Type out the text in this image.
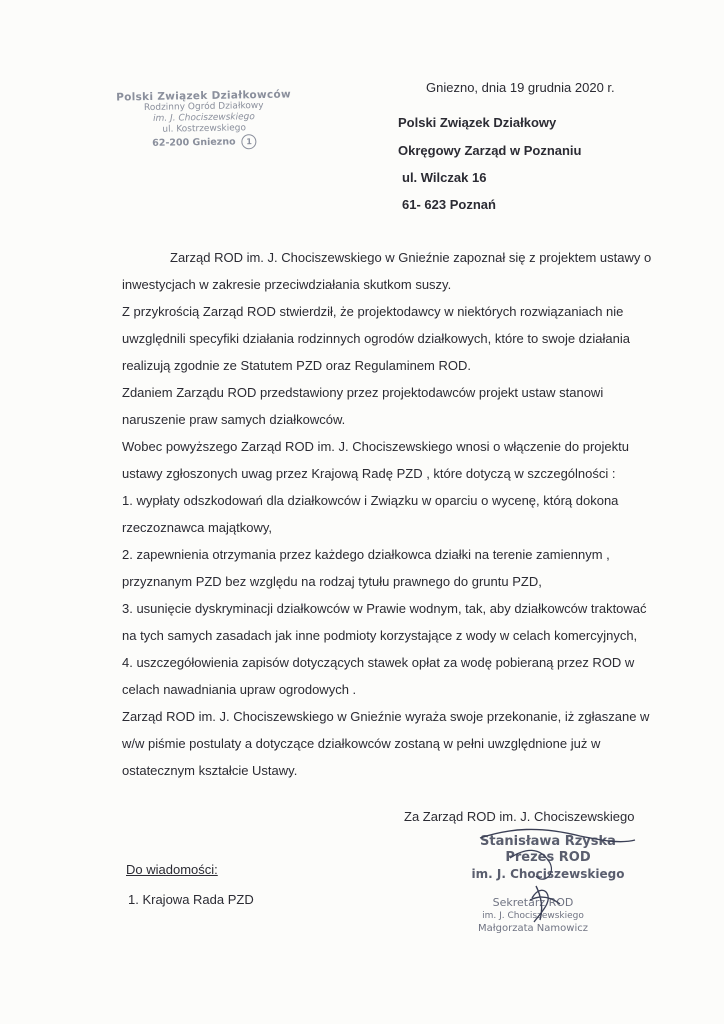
Polski Związek Działkowców
Rodzinny Ogród Działkowy
im. J. Chociszewskiego
ul. Kostrzewskiego
62-200 Gniezno 1
Gniezno, dnia 19 grudnia 2020 r.
Polski Związek Działkowy
Okręgowy Zarząd w Poznaniu
ul. Wilczak 16
61- 623 Poznań
Zarząd ROD im. J. Chociszewskiego w Gnieźnie zapoznał się z projektem ustawy o
inwestycjach w zakresie przeciwdziałania skutkom suszy.
Z przykrością Zarząd ROD stwierdził, że projektodawcy w niektórych rozwiązaniach nie
uwzględnili specyfiki działania rodzinnych ogrodów działkowych, które to swoje działania
realizują zgodnie ze Statutem PZD oraz Regulaminem ROD.
Zdaniem Zarządu ROD przedstawiony przez projektodawców projekt ustaw stanowi
naruszenie praw samych działkowców.
Wobec powyższego Zarząd ROD im. J. Chociszewskiego wnosi o włączenie do projektu
ustawy zgłoszonych uwag przez Krajową Radę PZD , które dotyczą w szczególności :
1. wypłaty odszkodowań dla działkowców i Związku w oparciu o wycenę, którą dokona
rzeczoznawca majątkowy,
2. zapewnienia otrzymania przez każdego działkowca działki na terenie zamiennym ,
przyznanym PZD bez względu na rodzaj tytułu prawnego do gruntu PZD,
3. usunięcie dyskryminacji działkowców w Prawie wodnym, tak, aby działkowców traktować
na tych samych zasadach jak inne podmioty korzystające z wody w celach komercyjnych,
4. uszczegółowienia zapisów dotyczących stawek opłat za wodę pobieraną przez ROD w
celach nawadniania upraw ogrodowych .
Zarząd ROD im. J. Chociszewskiego w Gnieźnie wyraża swoje przekonanie, iż zgłaszane w
w/w piśmie postulaty a dotyczące działkowców zostaną w pełni uwzględnione już w
ostatecznym kształcie Ustawy.
Za Zarząd ROD im. J. Chociszewskiego
Stanisława Rzyska
Prezes ROD
im. J. Chociszewskiego
Sekretarz ROD
im. J. Chociszewskiego
Małgorzata Namowicz
Do wiadomości:
1. Krajowa Rada PZD
